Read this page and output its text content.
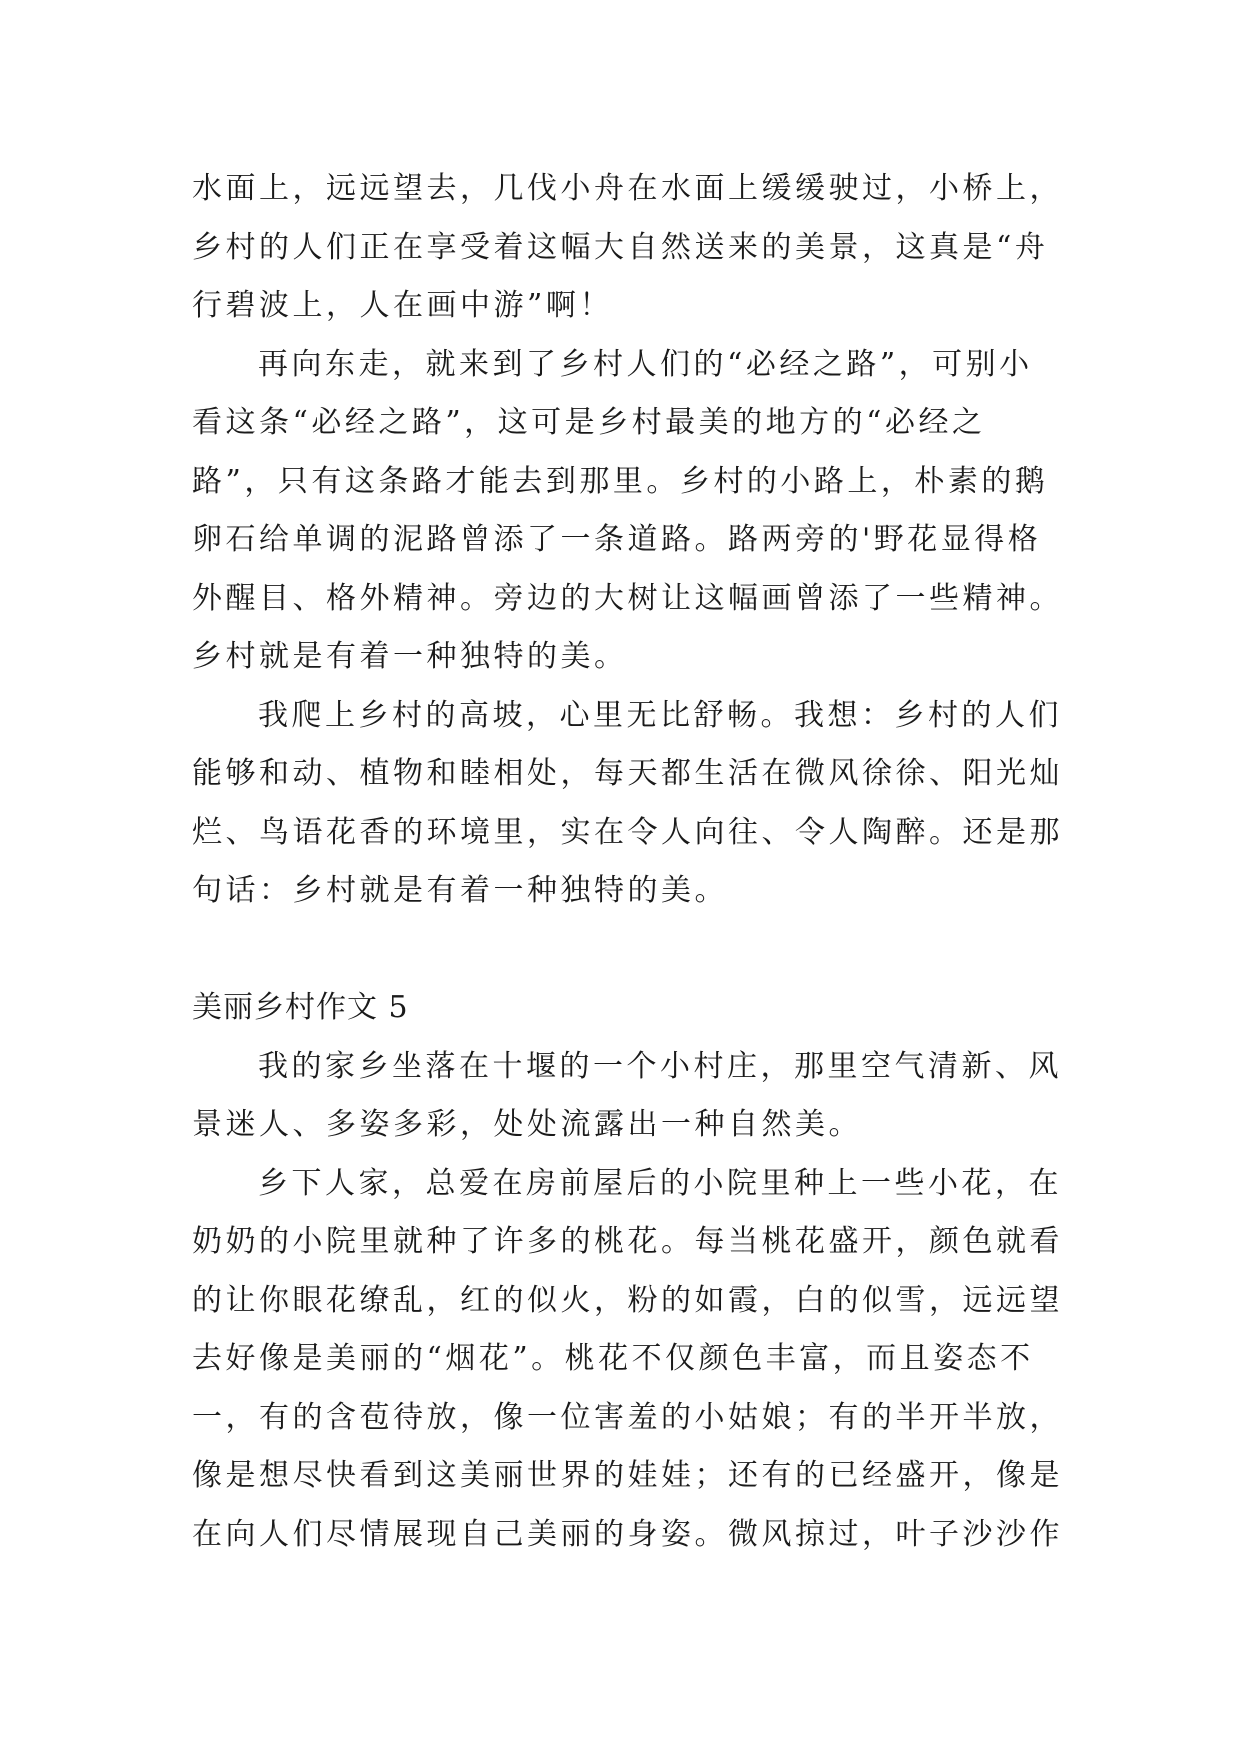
水面上，远远望去，几伐小舟在水面上缓缓驶过，小桥上，
乡村的人们正在享受着这幅大自然送来的美景，这真是“舟
行碧波上，人在画中游”啊！
再向东走，就来到了乡村人们的“必经之路”，可别小
看这条“必经之路”，这可是乡村最美的地方的“必经之
路”，只有这条路才能去到那里。乡村的小路上，朴素的鹅
卵石给单调的泥路曾添了一条道路。路两旁的'野花显得格
外醒目、格外精神。旁边的大树让这幅画曾添了一些精神。
乡村就是有着一种独特的美。
我爬上乡村的高坡，心里无比舒畅。我想：乡村的人们
能够和动、植物和睦相处，每天都生活在微风徐徐、阳光灿
烂、鸟语花香的环境里，实在令人向往、令人陶醉。还是那
句话：乡村就是有着一种独特的美。
美丽乡村作文 5
我的家乡坐落在十堰的一个小村庄，那里空气清新、风
景迷人、多姿多彩，处处流露出一种自然美。
乡下人家，总爱在房前屋后的小院里种上一些小花，在
奶奶的小院里就种了许多的桃花。每当桃花盛开，颜色就看
的让你眼花缭乱，红的似火，粉的如霞，白的似雪，远远望
去好像是美丽的“烟花”。桃花不仅颜色丰富，而且姿态不
一，有的含苞待放，像一位害羞的小姑娘；有的半开半放，
像是想尽快看到这美丽世界的娃娃；还有的已经盛开，像是
在向人们尽情展现自己美丽的身姿。微风掠过，叶子沙沙作
